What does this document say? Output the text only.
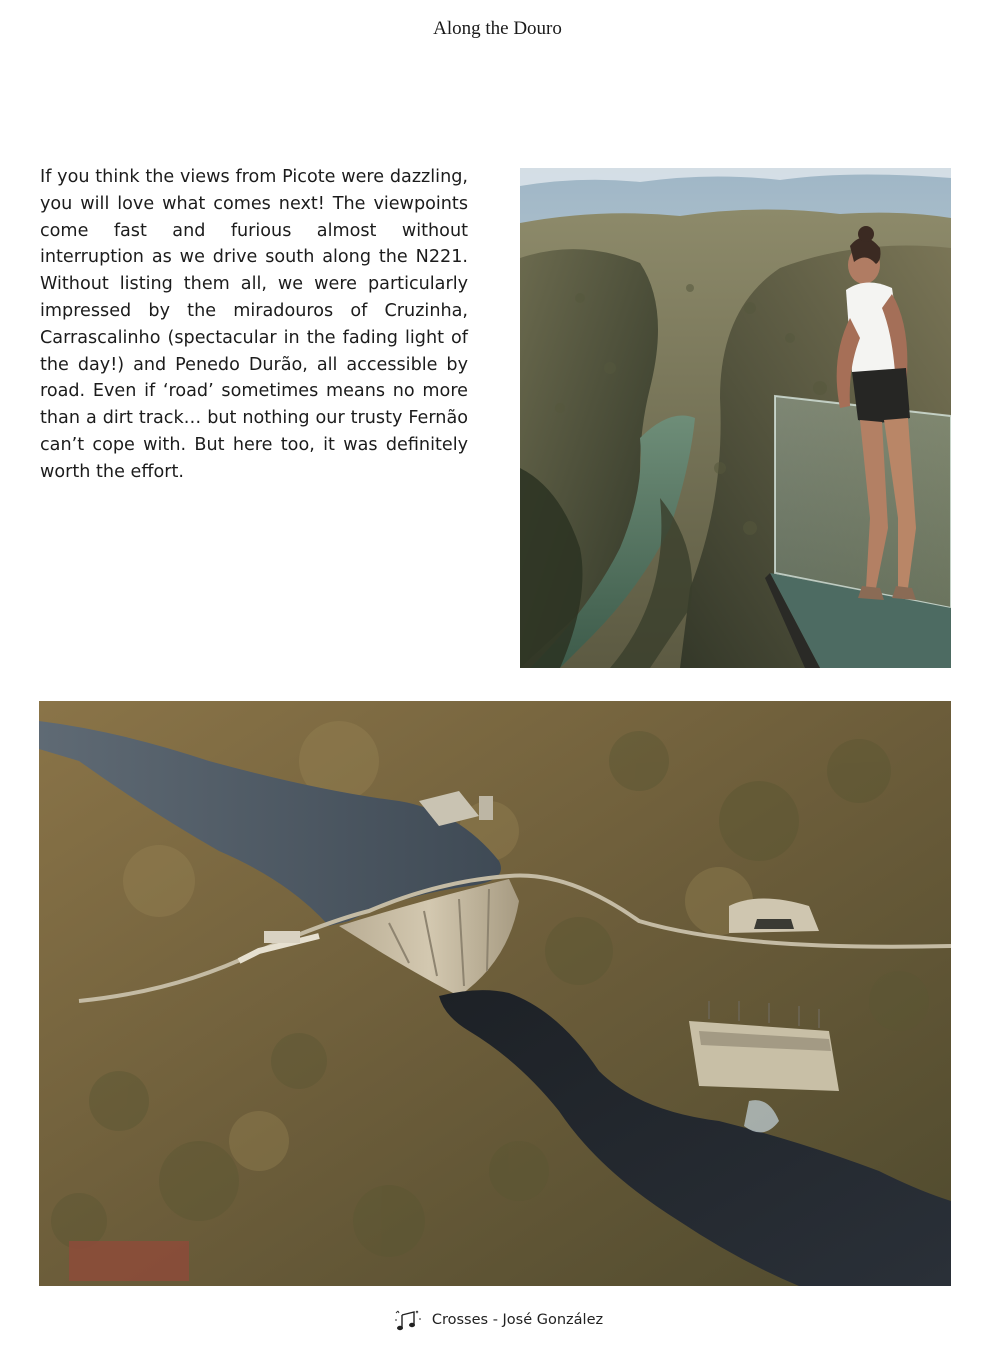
Along the Douro

If you think the views from Picote were dazzling, you will love what comes next! The viewpoints come fast and furious almost without interruption as we drive south along the N221. Without listing them all, we were particularly impressed by the miradouros of Cruzinha, Carrascalinho (spectacular in the fading light of the day!) and Penedo Durão, all accessible by road. Even if ‘road’ sometimes means no more than a dirt track… but nothing our trusty Fernão can’t cope with. But here too, it was definitely worth the effort.

Crosses - José González
